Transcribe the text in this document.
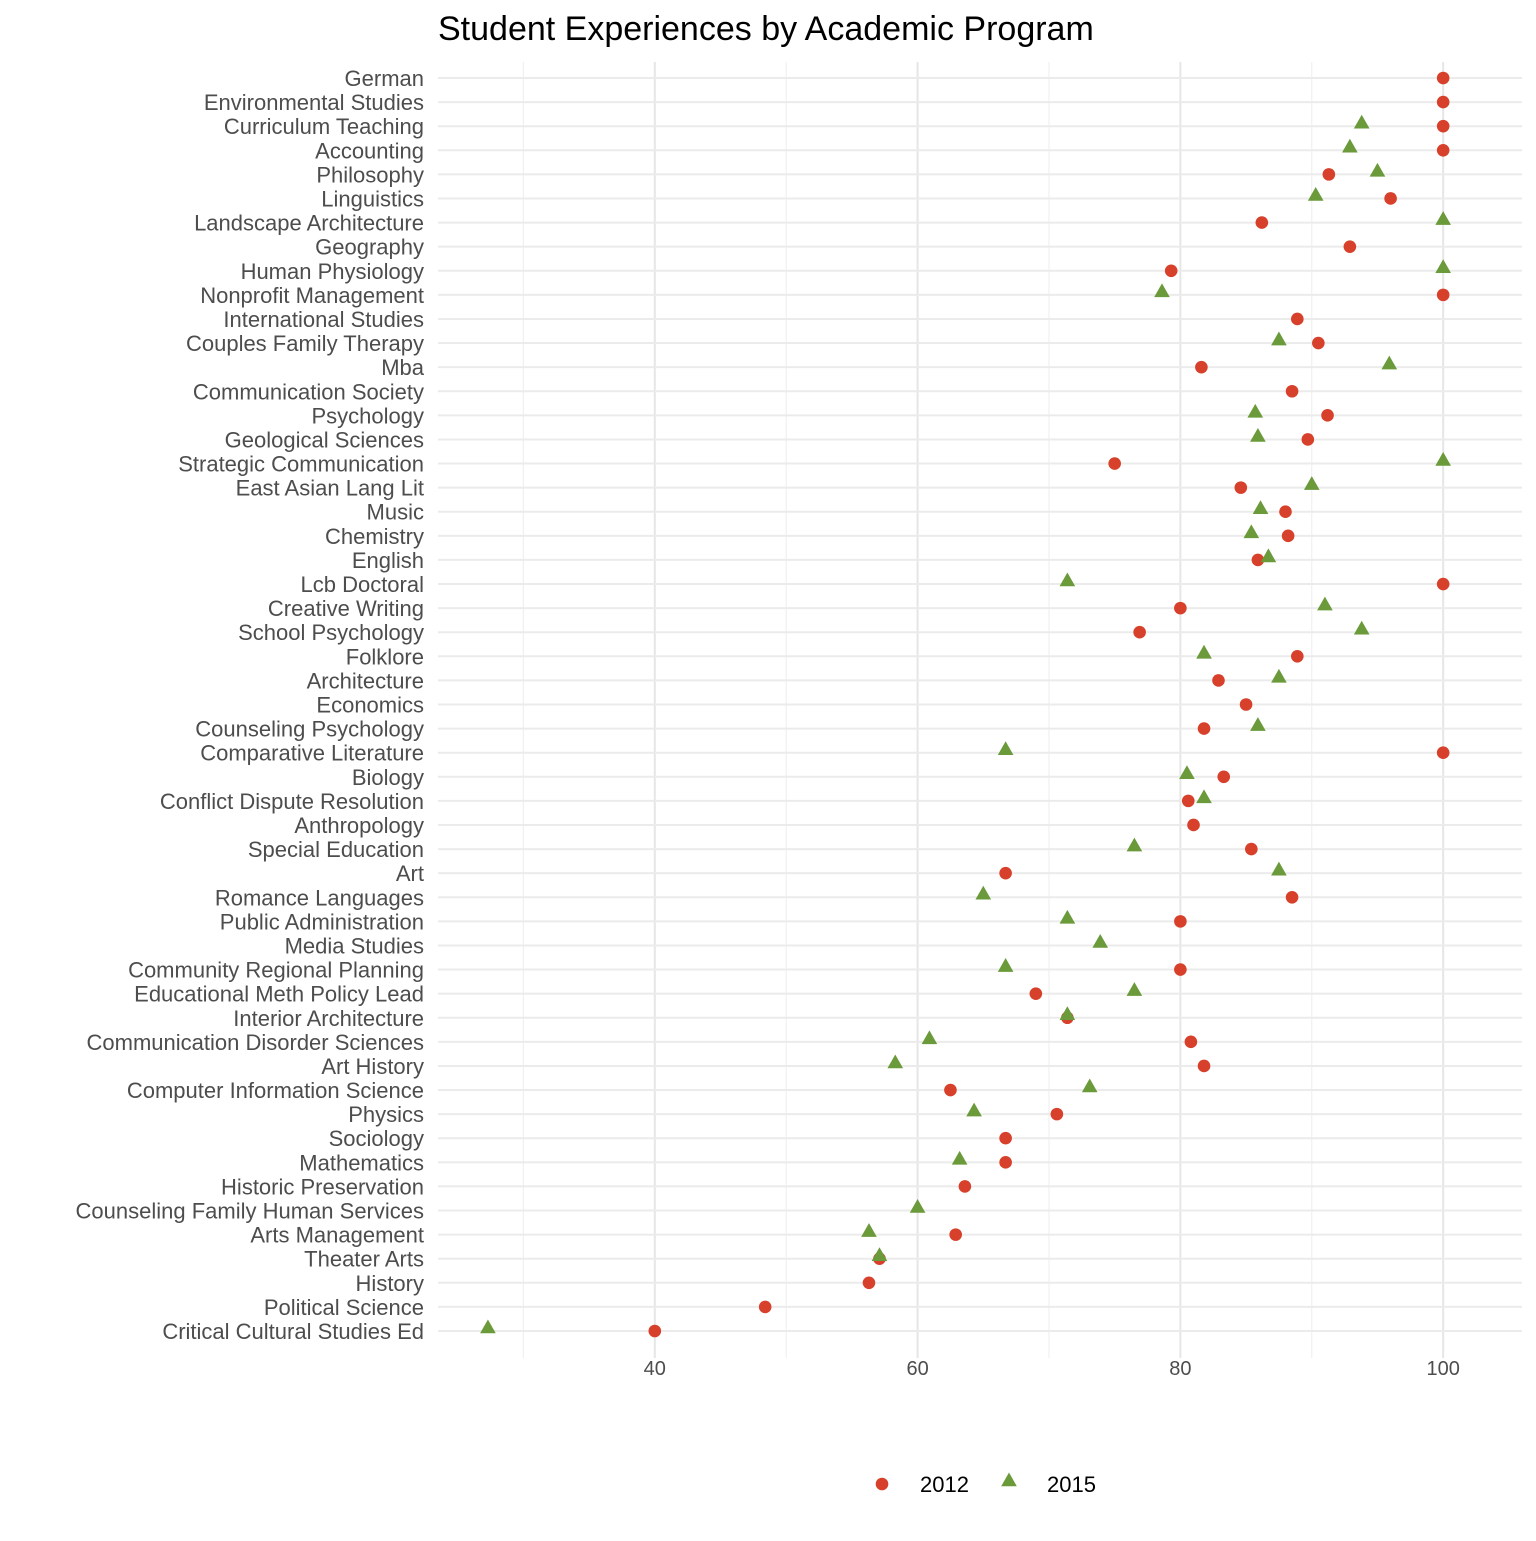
Student Experiences by Academic Program
German
Environmental Studies
Curriculum Teaching
Accounting
Philosophy
Linguistics
Landscape Architecture
Geography
Human Physiology
Nonprofit Management
International Studies
Couples Family Therapy
Mba
Communication Society
Psychology
Geological Sciences
Strategic Communication
East Asian Lang Lit
Music
Chemistry
English
Lcb Doctoral
Creative Writing
School Psychology
Folklore
Architecture
Economics
Counseling Psychology
Comparative Literature
Biology
Conflict Dispute Resolution
Anthropology
Special Education
Art
Romance Languages
Public Administration
Media Studies
Community Regional Planning
Educational Meth Policy Lead
Interior Architecture
Communication Disorder Sciences
Art History
Computer Information Science
Physics
Sociology
Mathematics
Historic Preservation
Counseling Family Human Services
Arts Management
Theater Arts
History
Political Science
Critical Cultural Studies Ed
40	60	80	100
2012	2015
